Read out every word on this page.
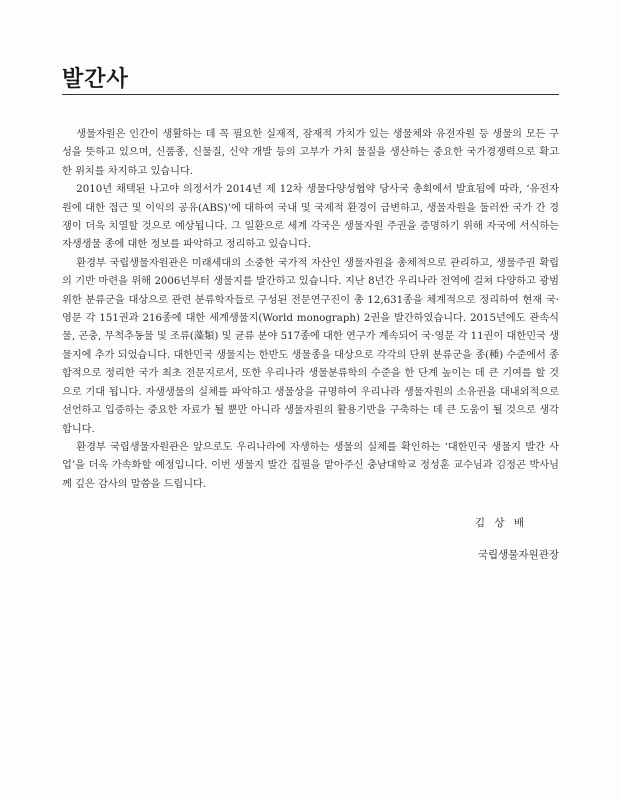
발간사

생물자원은 인간이 생활하는 데 꼭 필요한 실재적, 잠재적 가치가 있는 생물체와 유전자원 등 생물의 모든 구성을 뜻하고 있으며, 신품종, 신물질, 신약 개발 등의 고부가 가치 물질을 생산하는 중요한 국가경쟁력으로 확고한 위치를 차지하고 있습니다.

2010년 채택된 나고야 의정서가 2014년 제 12차 생물다양성협약 당사국 총회에서 발효됨에 따라, ‘유전자원에 대한 접근 및 이익의 공유(ABS)’에 대하여 국내 및 국제적 환경이 급변하고, 생물자원을 둘러싼 국가 간 경쟁이 더욱 치열할 것으로 예상됩니다. 그 일환으로 세계 각국은 생물자원 주권을 증명하기 위해 자국에 서식하는 자생생물 종에 대한 정보를 파악하고 정리하고 있습니다.

환경부 국립생물자원관은 미래세대의 소중한 국가적 자산인 생물자원을 총체적으로 관리하고, 생물주권 확립의 기반 마련을 위해 2006년부터 생물지를 발간하고 있습니다. 지난 8년간 우리나라 전역에 걸쳐 다양하고 광범위한 분류군을 대상으로 관련 분류학자들로 구성된 전문연구진이 총 12,631종을 체계적으로 정리하여 현재 국·영문 각 151권과 216종에 대한 세계생물지(World monograph) 2권을 발간하였습니다. 2015년에도 관속식물, 곤충, 무척추동물 및 조류(藻類) 및 균류 분야 517종에 대한 연구가 계속되어 국·영문 각 11권이 대한민국 생물지에 추가 되었습니다. 대한민국 생물지는 한반도 생물종을 대상으로 각각의 단위 분류군을 종(種) 수준에서 종합적으로 정리한 국가 최초 전문지로서, 또한 우리나라 생물분류학의 수준을 한 단계 높이는 데 큰 기여를 할 것으로 기대 됩니다. 자생생물의 실체를 파악하고 생물상을 규명하여 우리나라 생물자원의 소유권을 대내외적으로 선언하고 입증하는 중요한 자료가 될 뿐만 아니라 생물자원의 활용기반을 구축하는 데 큰 도움이 될 것으로 생각합니다.

환경부 국립생물자원관은 앞으로도 우리나라에 자생하는 생물의 실체를 확인하는 ‘대한민국 생물지 발간 사업’을 더욱 가속화할 예정입니다. 이번 생물지 발간 집필을 맡아주신 충남대학교 정성훈 교수님과 김정곤 박사님께 깊은 감사의 말씀을 드립니다.

김 상 배
국립생물자원관장
